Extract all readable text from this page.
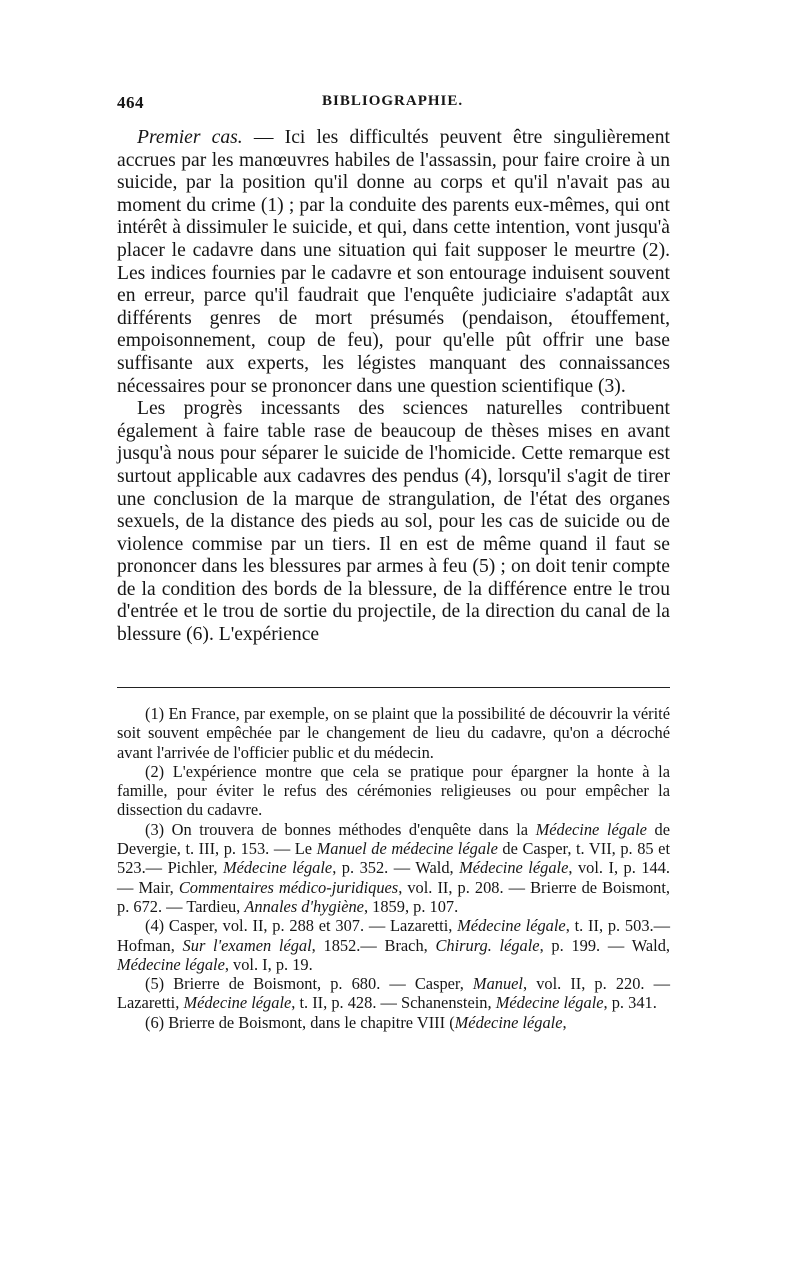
464	BIBLIOGRAPHIE.

Premier cas. — Ici les difficultés peuvent être singulièrement accrues par les manœuvres habiles de l'assassin, pour faire croire à un suicide, par la position qu'il donne au corps et qu'il n'avait pas au moment du crime (1) ; par la conduite des parents eux-mêmes, qui ont intérêt à dissimuler le suicide, et qui, dans cette intention, vont jusqu'à placer le cadavre dans une situation qui fait supposer le meurtre (2). Les indices fournies par le cadavre et son entourage induisent souvent en erreur, parce qu'il faudrait que l'enquête judiciaire s'adaptât aux différents genres de mort présumés (pendaison, étouffement, empoisonnement, coup de feu), pour qu'elle pût offrir une base suffisante aux experts, les légistes manquant des connaissances nécessaires pour se prononcer dans une question scientifique (3).

Les progrès incessants des sciences naturelles contribuent également à faire table rase de beaucoup de thèses mises en avant jusqu'à nous pour séparer le suicide de l'homicide. Cette remarque est surtout applicable aux cadavres des pendus (4), lorsqu'il s'agit de tirer une conclusion de la marque de strangulation, de l'état des organes sexuels, de la distance des pieds au sol, pour les cas de suicide ou de violence commise par un tiers. Il en est de même quand il faut se prononcer dans les blessures par armes à feu (5) ; on doit tenir compte de la condition des bords de la blessure, de la différence entre le trou d'entrée et le trou de sortie du projectile, de la direction du canal de la blessure (6). L'expérience

(1) En France, par exemple, on se plaint que la possibilité de découvrir la vérité soit souvent empêchée par le changement de lieu du cadavre, qu'on a décroché avant l'arrivée de l'officier public et du médecin.

(2) L'expérience montre que cela se pratique pour épargner la honte à la famille, pour éviter le refus des cérémonies religieuses ou pour empêcher la dissection du cadavre.

(3) On trouvera de bonnes méthodes d'enquête dans la Médecine légale de Devergie, t. III, p. 153. — Le Manuel de médecine légale de Casper, t. VII, p. 85 et 523.— Pichler, Médecine légale, p. 352. — Wald, Médecine légale, vol. I, p. 144. — Mair, Commentaires médico-juridiques, vol. II, p. 208. — Brierre de Boismont, p. 672. — Tardieu, Annales d'hygiène, 1859, p. 107.

(4) Casper, vol. II, p. 288 et 307. — Lazaretti, Médecine légale, t. II, p. 503.— Hofman, Sur l'examen légal, 1852.— Brach, Chirurg. légale, p. 199. — Wald, Médecine légale, vol. I, p. 19.

(5) Brierre de Boismont, p. 680. — Casper, Manuel, vol. II, p. 220. — Lazaretti, Médecine légale, t. II, p. 428. — Schanenstein, Médecine légale, p. 341.

(6) Brierre de Boismont, dans le chapitre VIII (Médecine légale,
